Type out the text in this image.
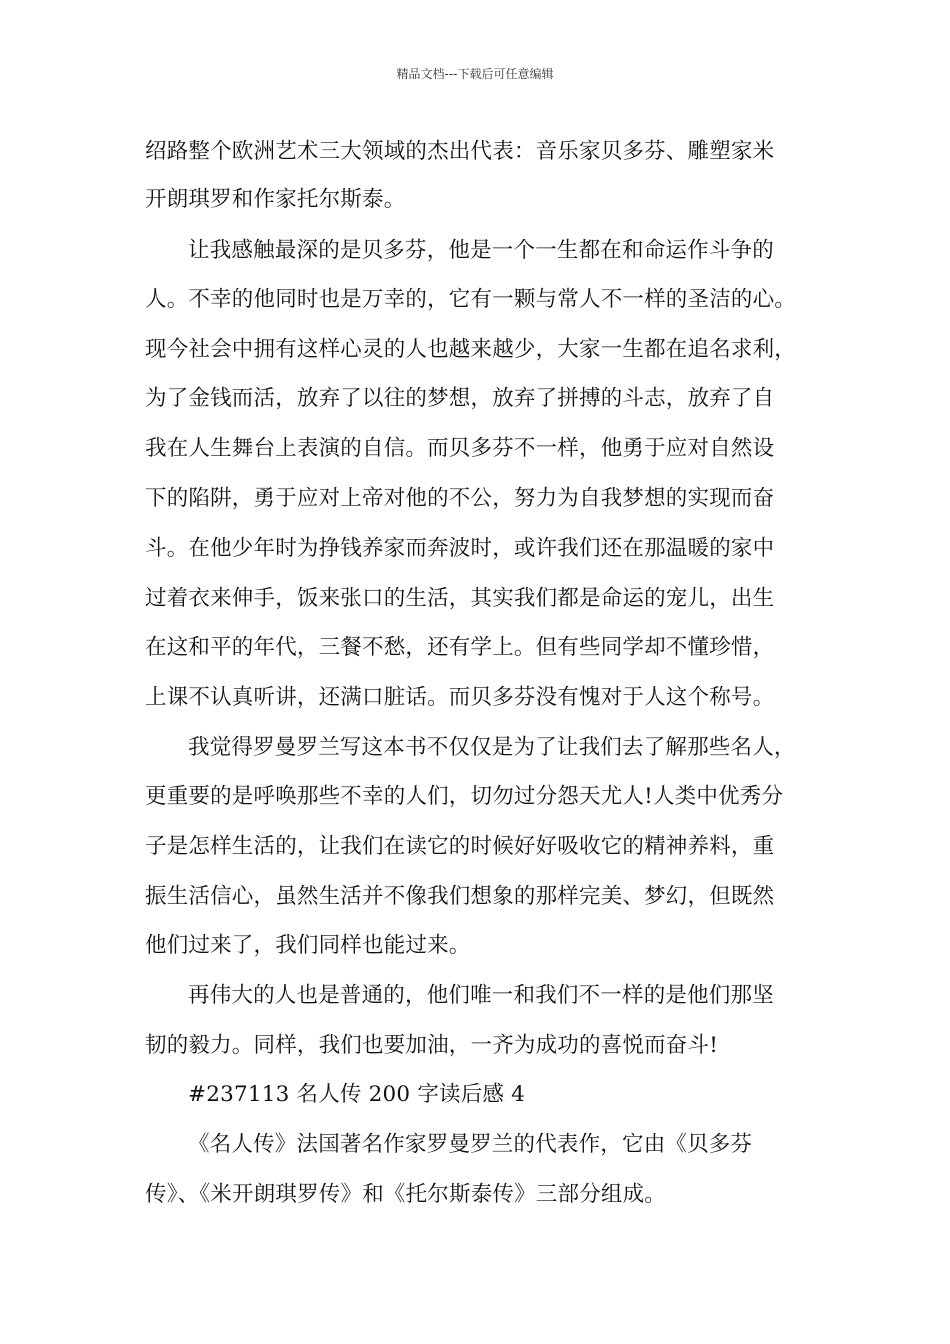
精品文档---下载后可任意编辑
绍路整个欧洲艺术三大领域的杰出代表：音乐家贝多芬、雕塑家米
开朗琪罗和作家托尔斯泰。
让我感触最深的是贝多芬，他是一个一生都在和命运作斗争的
人。不幸的他同时也是万幸的，它有一颗与常人不一样的圣洁的心。
现今社会中拥有这样心灵的人也越来越少，大家一生都在追名求利，
为了金钱而活，放弃了以往的梦想，放弃了拼搏的斗志，放弃了自
我在人生舞台上表演的自信。而贝多芬不一样，他勇于应对自然设
下的陷阱，勇于应对上帝对他的不公，努力为自我梦想的实现而奋
斗。在他少年时为挣钱养家而奔波时，或许我们还在那温暖的家中
过着衣来伸手，饭来张口的生活，其实我们都是命运的宠儿，出生
在这和平的年代，三餐不愁，还有学上。但有些同学却不懂珍惜，
上课不认真听讲，还满口脏话。而贝多芬没有愧对于人这个称号。
我觉得罗曼罗兰写这本书不仅仅是为了让我们去了解那些名人，
更重要的是呼唤那些不幸的人们，切勿过分怨天尤人!人类中优秀分
子是怎样生活的，让我们在读它的时候好好吸收它的精神养料，重
振生活信心，虽然生活并不像我们想象的那样完美、梦幻，但既然
他们过来了，我们同样也能过来。
再伟大的人也是普通的，他们唯一和我们不一样的是他们那坚
韧的毅力。同样，我们也要加油，一齐为成功的喜悦而奋斗!
#237113 名人传 200 字读后感 4
《名人传》法国著名作家罗曼罗兰的代表作，它由《贝多芬
传》、《米开朗琪罗传》和《托尔斯泰传》三部分组成。
